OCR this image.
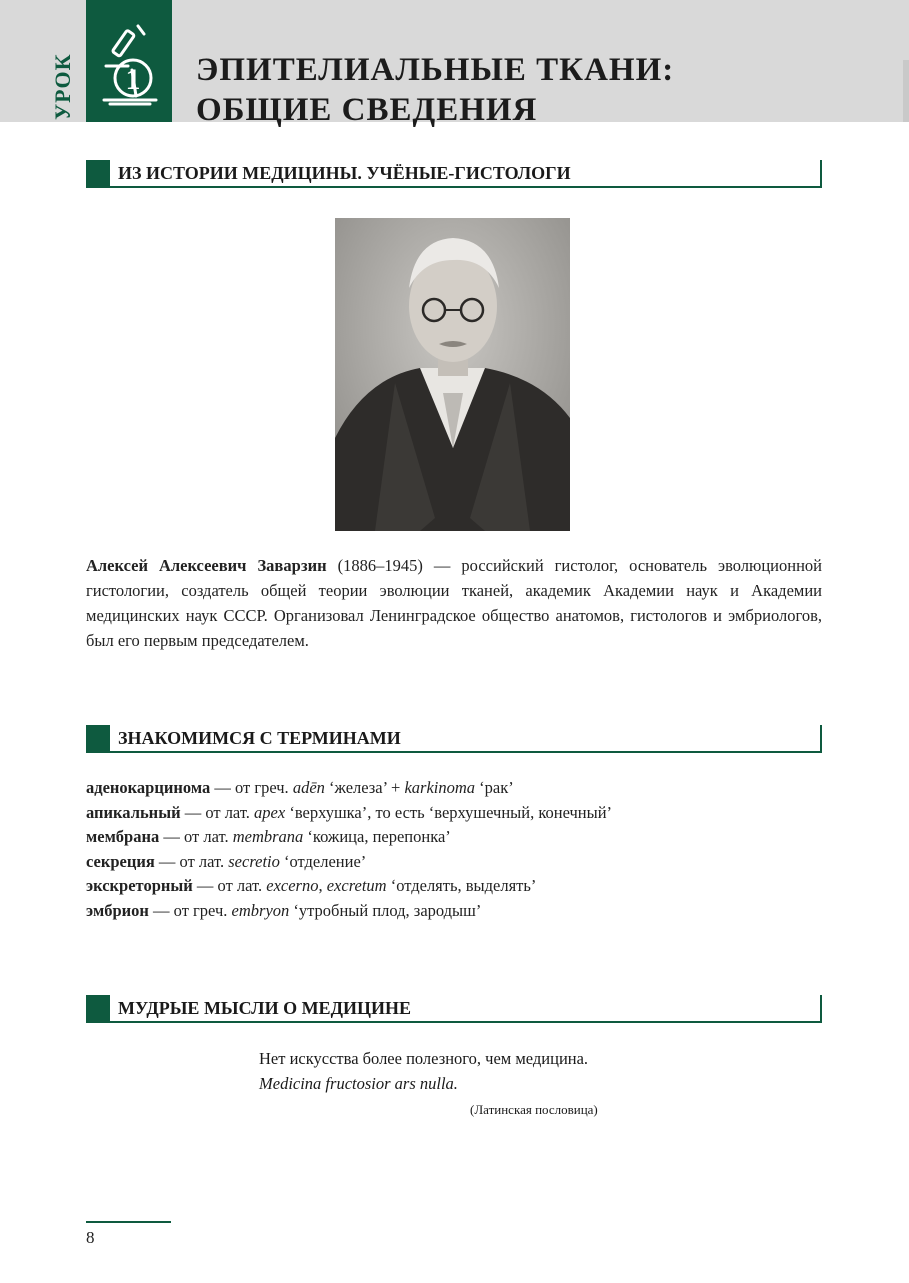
УРОК 1 ЭПИТЕЛИАЛЬНЫЕ ТКАНИ:
ОБЩИЕ СВЕДЕНИЯ
ИЗ ИСТОРИИ МЕДИЦИНЫ. УЧЁНЫЕ-ГИСТОЛОГИ

Алексей Алексеевич Заварзин (1886–1945) — российский гистолог, основатель эволюционной гистологии, создатель общей теории эволюции тканей, академик Академии наук и Академии медицинских наук СССР. Организовал Ленинградское общество анатомов, гистологов и эмбриологов, был его первым председателем.

ЗНАКОМИМСЯ С ТЕРМИНАМИ
аденокарцинома — от греч. adēn ‘железа’ + karkinoma ‘рак’
апикальный — от лат. apex ‘верхушка’, то есть ‘верхушечный, конечный’
мембрана — от лат. membrana ‘кожица, перепонка’
секреция — от лат. secretio ‘отделение’
экскреторный — от лат. excerno, excretum ‘отделять, выделять’
эмбрион — от греч. embryon ‘утробный плод, зародыш’
МУДРЫЕ МЫСЛИ О МЕДИЦИНЕ
Нет искусства более полезного, чем медицина.
Medicina fructosior ars nulla.
(Латинская пословица)
8
